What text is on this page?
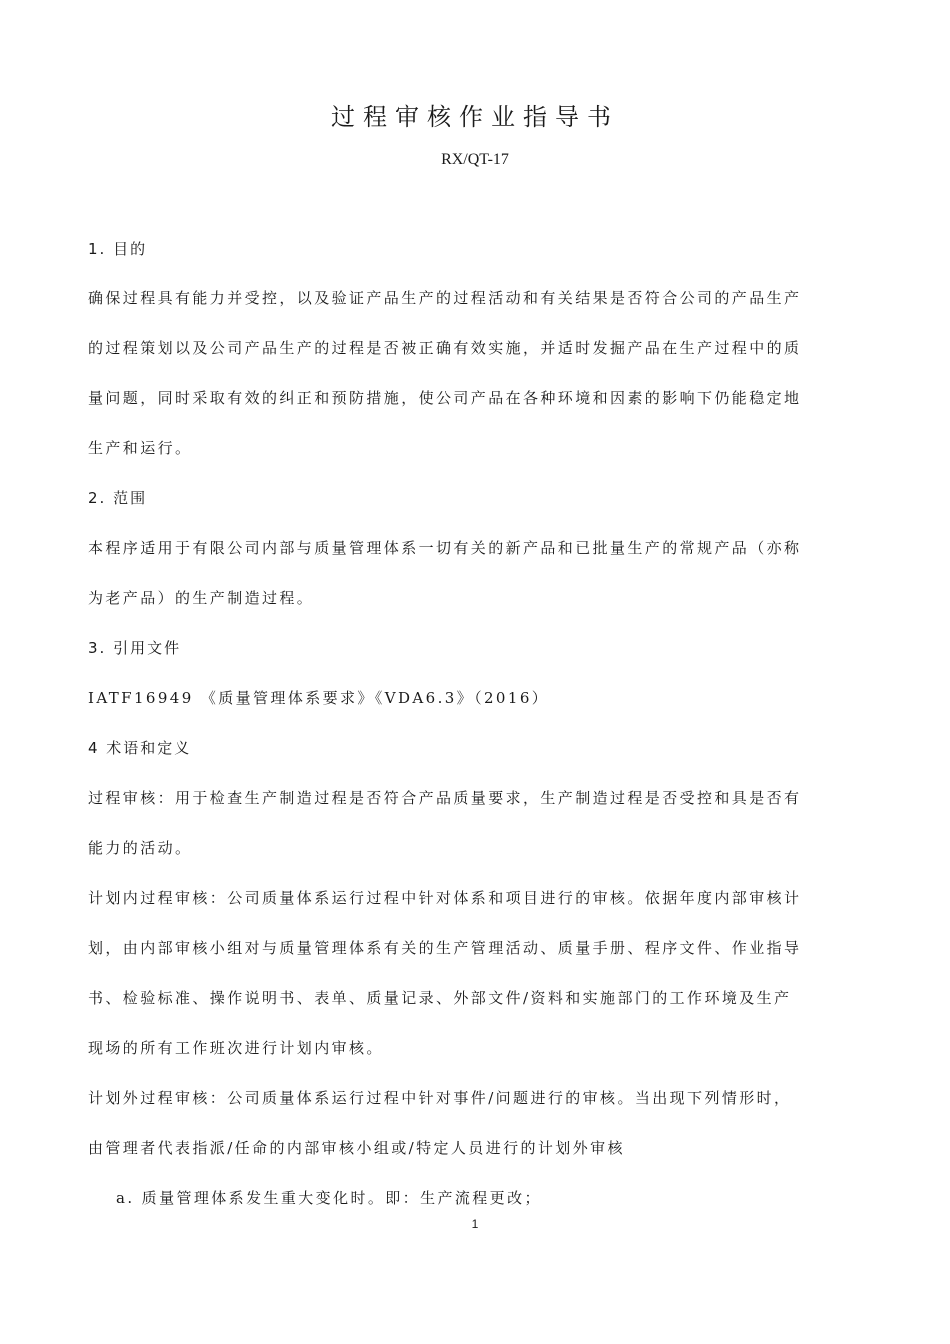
过程审核作业指导书
RX/QT-17
1. 目的
确保过程具有能力并受控，以及验证产品生产的过程活动和有关结果是否符合公司的产品生产
的过程策划以及公司产品生产的过程是否被正确有效实施，并适时发掘产品在生产过程中的质
量问题，同时采取有效的纠正和预防措施，使公司产品在各种环境和因素的影响下仍能稳定地
生产和运行。
2. 范围
本程序适用于有限公司内部与质量管理体系一切有关的新产品和已批量生产的常规产品（亦称
为老产品）的生产制造过程。
3. 引用文件
IATF16949 《质量管理体系要求》《VDA6.3》（2016）
4 术语和定义
过程审核：用于检查生产制造过程是否符合产品质量要求，生产制造过程是否受控和具是否有
能力的活动。
计划内过程审核：公司质量体系运行过程中针对体系和项目进行的审核。依据年度内部审核计
划，由内部审核小组对与质量管理体系有关的生产管理活动、质量手册、程序文件、作业指导
书、检验标准、操作说明书、表单、质量记录、外部文件/资料和实施部门的工作环境及生产
现场的所有工作班次进行计划内审核。
计划外过程审核：公司质量体系运行过程中针对事件/问题进行的审核。当出现下列情形时，
由管理者代表指派/任命的内部审核小组或/特定人员进行的计划外审核
a. 质量管理体系发生重大变化时。即：生产流程更改；
1
